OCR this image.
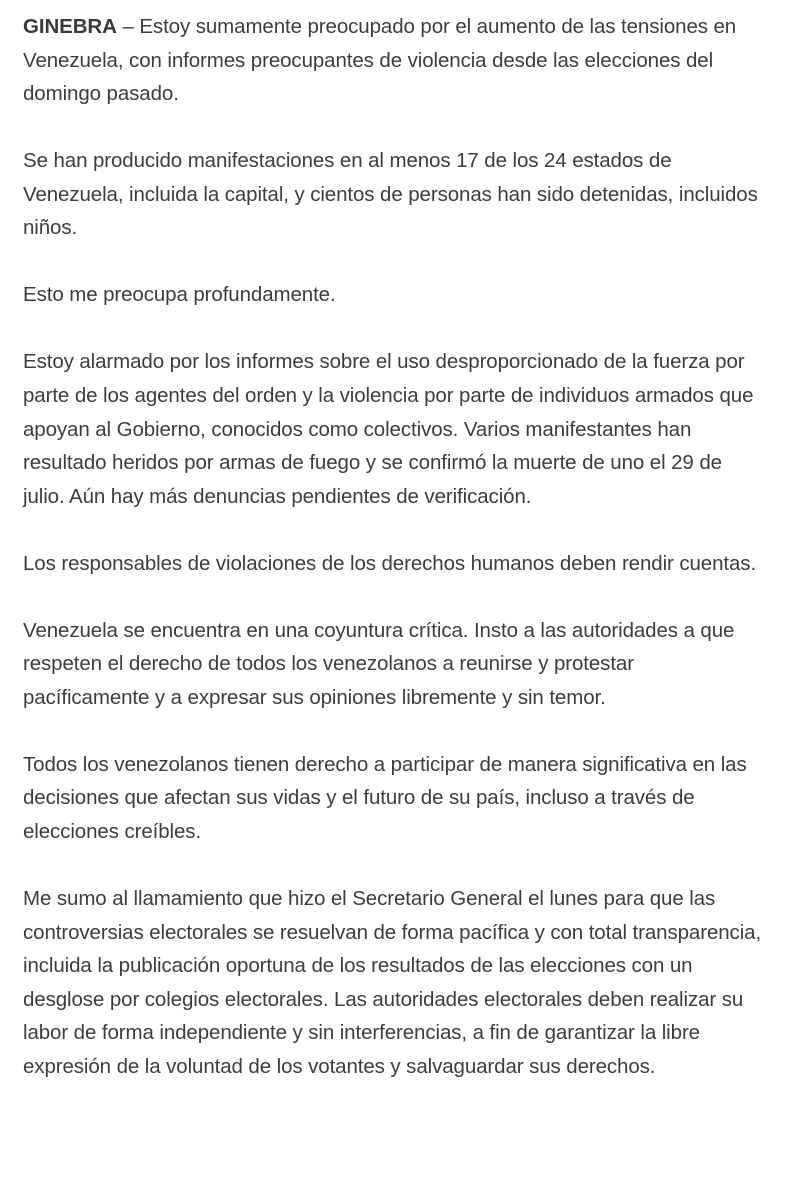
GINEBRA – Estoy sumamente preocupado por el aumento de las tensiones en Venezuela, con informes preocupantes de violencia desde las elecciones del domingo pasado.

Se han producido manifestaciones en al menos 17 de los 24 estados de Venezuela, incluida la capital, y cientos de personas han sido detenidas, incluidos niños.

Esto me preocupa profundamente.

Estoy alarmado por los informes sobre el uso desproporcionado de la fuerza por parte de los agentes del orden y la violencia por parte de individuos armados que apoyan al Gobierno, conocidos como colectivos. Varios manifestantes han resultado heridos por armas de fuego y se confirmó la muerte de uno el 29 de julio. Aún hay más denuncias pendientes de verificación.

Los responsables de violaciones de los derechos humanos deben rendir cuentas.

Venezuela se encuentra en una coyuntura crítica. Insto a las autoridades a que respeten el derecho de todos los venezolanos a reunirse y protestar pacíficamente y a expresar sus opiniones libremente y sin temor.

Todos los venezolanos tienen derecho a participar de manera significativa en las decisiones que afectan sus vidas y el futuro de su país, incluso a través de elecciones creíbles.

Me sumo al llamamiento que hizo el Secretario General el lunes para que las controversias electorales se resuelvan de forma pacífica y con total transparencia, incluida la publicación oportuna de los resultados de las elecciones con un desglose por colegios electorales. Las autoridades electorales deben realizar su labor de forma independiente y sin interferencias, a fin de garantizar la libre expresión de la voluntad de los votantes y salvaguardar sus derechos.
